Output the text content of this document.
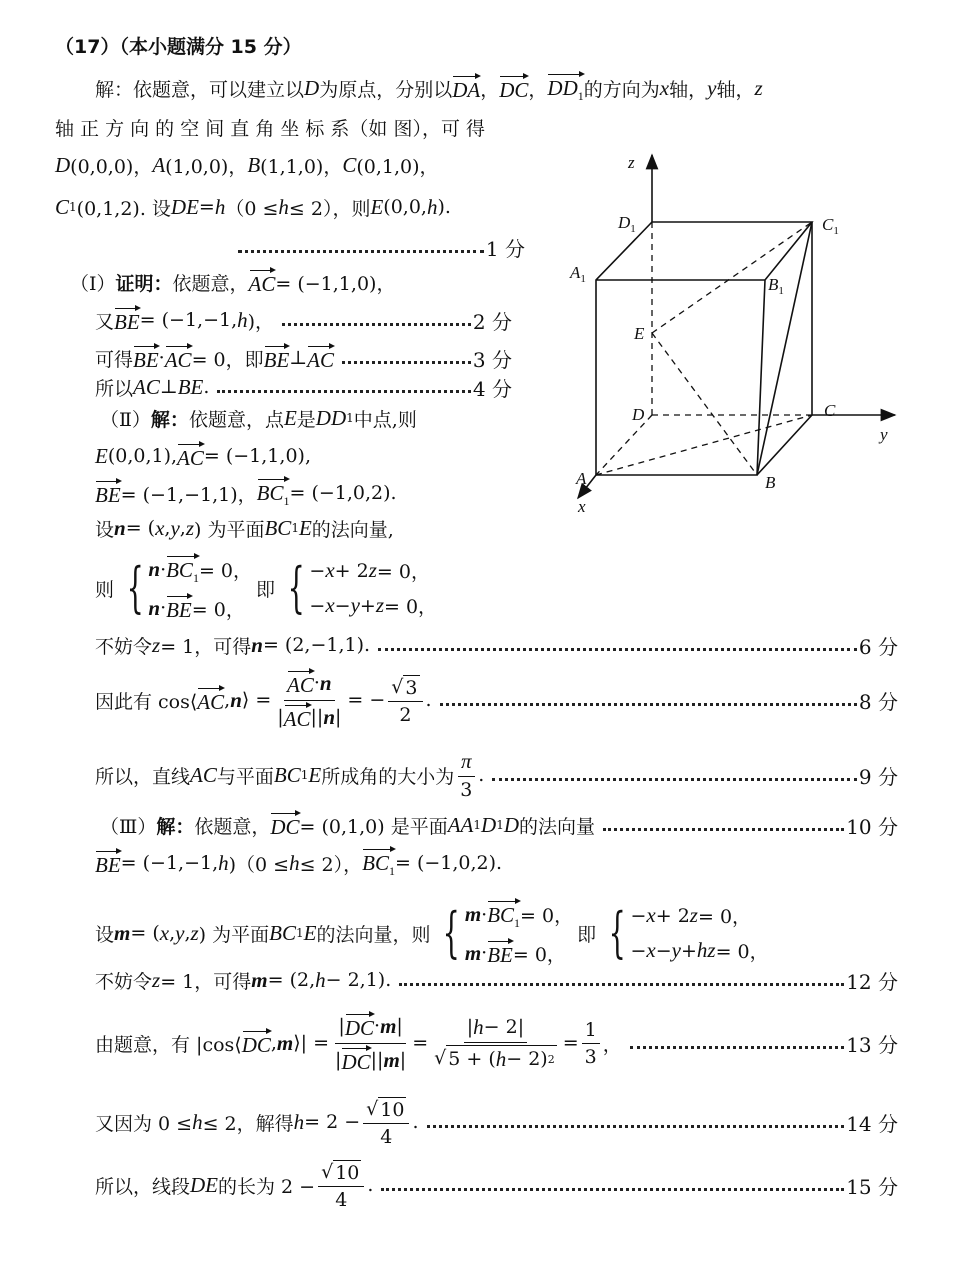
（17）（本小题满分 15 分）
解：依题意，可以建立以 D 为原点，分别以 DA ， DC ， $DD_1$ 的方向为 x 轴， y 轴， z
轴 正 方 向 的 空 间 直 角 坐 标 系（如 图），可 得
D (0,0,0)， A (1,0,0)， B (1,1,0)， C (0,1,0)，
C 1 (0,1,2). 设 DE = h （0 ≤ h ≤ 2），则 E (0,0, h ).
1 分
（Ⅰ） 证明： 依题意， AC = (−1,1,0)，
又 BE = (−1,−1, h )，	2 分
可得 BE · AC = 0，即 BE ⊥ AC	3 分
所以 AC ⊥ BE .	4 分
（Ⅱ） 解： 依题意，点 E 是 DD 1 中点,则
E (0,0,1), AC = (−1,1,0),
BE = (−1,−1,1)， $BC_1 = (-1,0,2)$.
设 n = ( x , y , z ) 为平面 BC 1 E 的法向量,
则 { $n \cdot BC_1 = 0$，
n · BE = 0，
即 { − x + 2 z = 0，
− x − y + z = 0，
不妨令 z = 1，可得 n = (2,−1,1).	6 分
因此有 cos⟨ AC , n ⟩ = $\frac{AC \cdot n}{| AC || n |}$ = − $\frac{√ 3}{2}$ .	8 分
所以，直线 AC 与平面 BC 1 E 所成角的大小为 $\frac{\pi}{3}$ .	9 分
（Ⅲ） 解： 依题意， DC = (0,1,0) 是平面 AA 1 D 1 D 的法向量	10 分
BE = (−1,−1, h )（0 ≤ h ≤ 2）， $BC_1 = (-1,0,2)$.
设 m = ( x , y , z ) 为平面 BC 1 E 的法向量，则 { $m \cdot BC_1 = 0$，
m · BE = 0，
即 { − x + 2 z = 0，
− x − y + hz = 0，
不妨令 z = 1，可得 m = (2, h − 2,1).	12 分
由题意，有 |cos⟨ DC , m ⟩| = $\frac{| DC \cdot m |}{| DC || m |} = \frac{| h - 2|}{√ 5 + ( h - 2) 2} = \frac{1}{3}$ ，	13 分
又因为 0 ≤ h ≤ 2，解得 $h = 2 - \frac{√ 10}{4}$ .	14 分
所以，线段 DE 的长为 $2 - \frac{√ 10}{4}$ .	15 分
z
$D_1$	$C_1$
$A_1$	$B_1$
E
D	C
y
A	B
x
